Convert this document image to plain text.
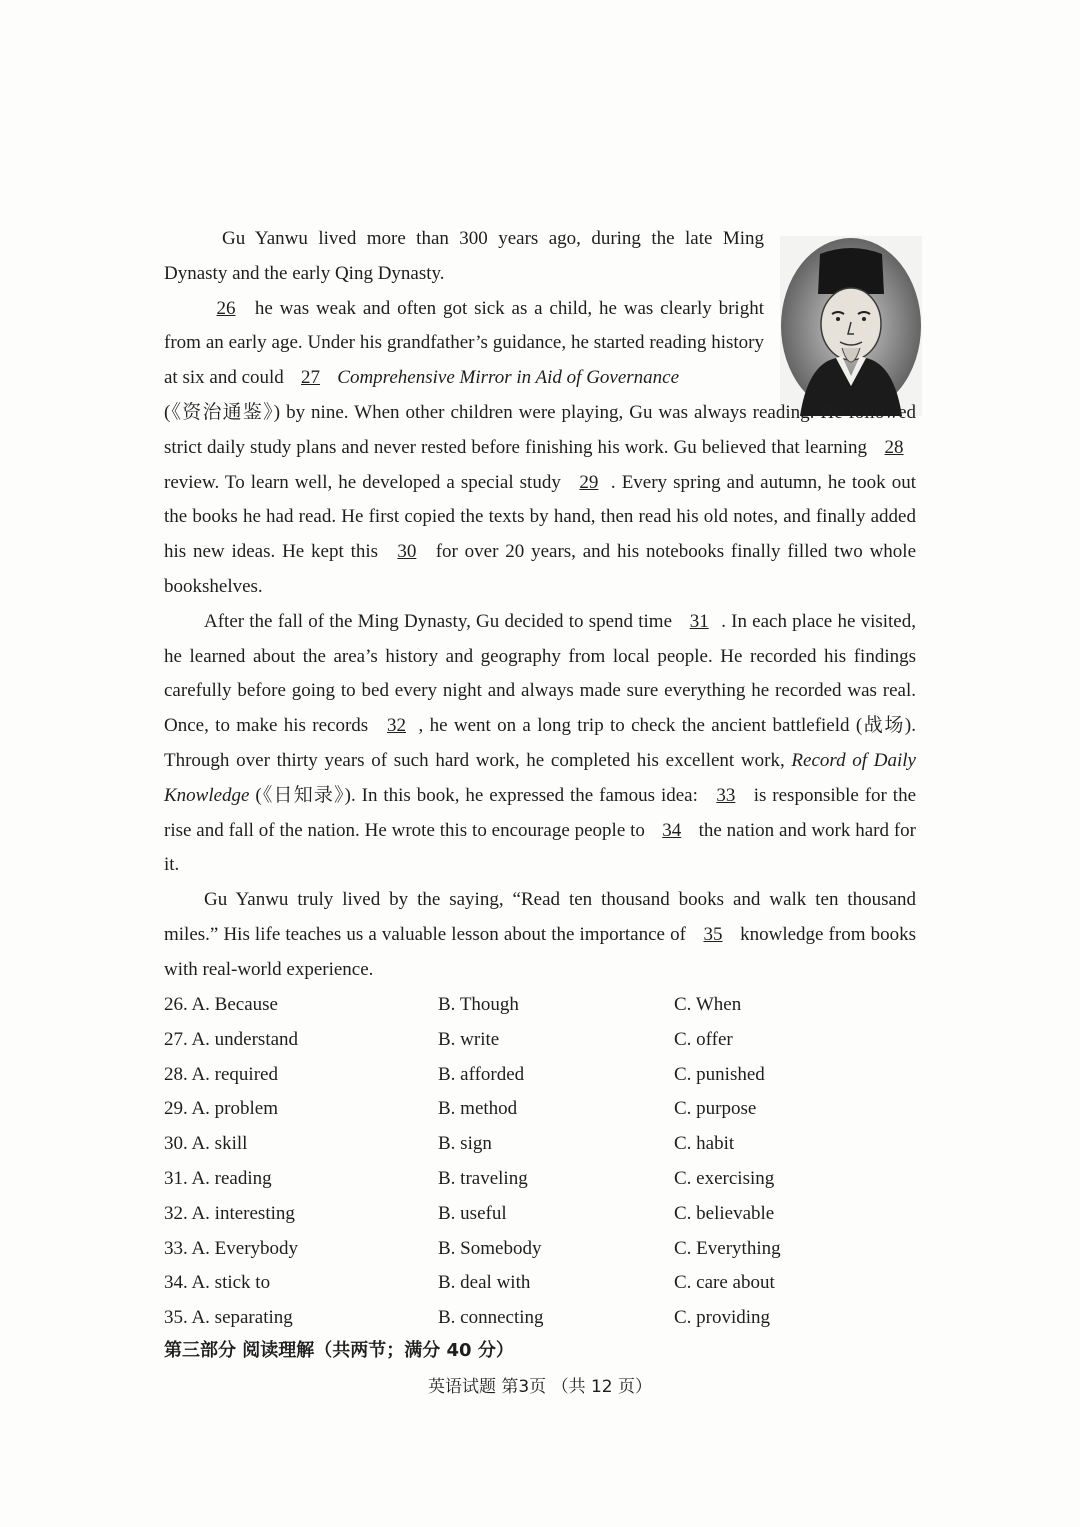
Gu Yanwu lived more than 300 years ago, during the late Ming Dynasty and the early Qing Dynasty.

26 he was weak and often got sick as a child, he was clearly bright from an early age. Under his grandfather’s guidance, he started reading history at six and could 27 Comprehensive Mirror in Aid of Governance

(《资治通鉴》) by nine. When other children were playing, Gu was always reading. He followed strict daily study plans and never rested before finishing his work. Gu believed that learning 28 review. To learn well, he developed a special study 29 . Every spring and autumn, he took out the books he had read. He first copied the texts by hand, then read his old notes, and finally added his new ideas. He kept this 30 for over 20 years, and his notebooks finally filled two whole bookshelves.

After the fall of the Ming Dynasty, Gu decided to spend time 31 . In each place he visited, he learned about the area’s history and geography from local people. He recorded his findings carefully before going to bed every night and always made sure everything he recorded was real. Once, to make his records 32 , he went on a long trip to check the ancient battlefield (战场). Through over thirty years of such hard work, he completed his excellent work, Record of Daily Knowledge (《日知录》). In this book, he expressed the famous idea: 33 is responsible for the rise and fall of the nation. He wrote this to encourage people to 34 the nation and work hard for it.

Gu Yanwu truly lived by the saying, “Read ten thousand books and walk ten thousand miles.” His life teaches us a valuable lesson about the importance of 35 knowledge from books with real-world experience.

26. A. Because	B. Though	C. When
27. A. understand	B. write	C. offer
28. A. required	B. afforded	C. punished
29. A. problem	B. method	C. purpose
30. A. skill	B. sign	C. habit
31. A. reading	B. traveling	C. exercising
32. A. interesting	B. useful	C. believable
33. A. Everybody	B. Somebody	C. Everything
34. A. stick to	B. deal with	C. care about
35. A. separating	B. connecting	C. providing
第三部分 阅读理解（共两节；满分 40 分）
英语试题 第3页 （共 12 页）
